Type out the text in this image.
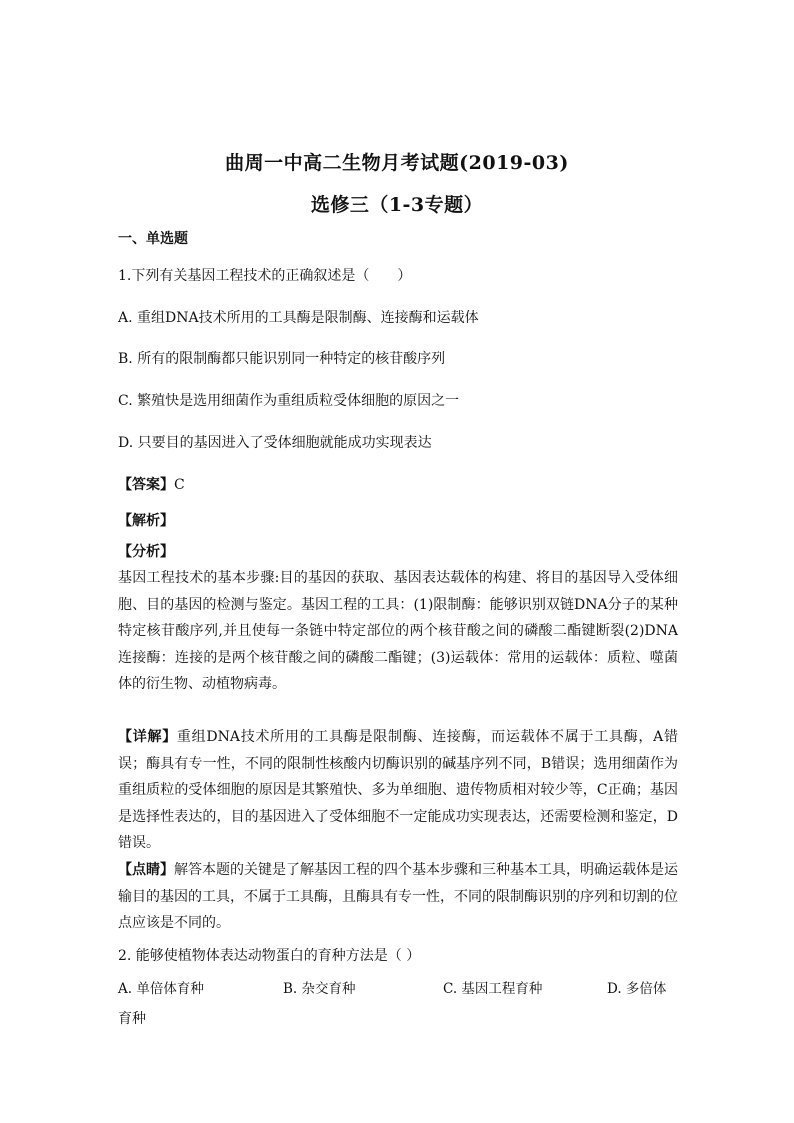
曲周一中高二生物月考试题(2019-03)
选修三（1-3专题）
一、单选题
1.下列有关基因工程技术的正确叙述是（　　）
A. 重组DNA技术所用的工具酶是限制酶、连接酶和运载体
B. 所有的限制酶都只能识别同一种特定的核苷酸序列
C. 繁殖快是选用细菌作为重组质粒受体细胞的原因之一
D. 只要目的基因进入了受体细胞就能成功实现表达
【答案】C
【解析】
【分析】
基因工程技术的基本步骤:目的基因的获取、基因表达载体的构建、将目的基因导入受体细胞、目的基因的检测与鉴定。基因工程的工具：(1)限制酶：能够识别双链DNA分子的某种特定核苷酸序列,并且使每一条链中特定部位的两个核苷酸之间的磷酸二酯键断裂(2)DNA连接酶：连接的是两个核苷酸之间的磷酸二酯键；(3)运载体：常用的运载体：质粒、噬菌体的衍生物、动植物病毒。
【详解】重组DNA技术所用的工具酶是限制酶、连接酶，而运载体不属于工具酶，A错误；酶具有专一性，不同的限制性核酸内切酶识别的碱基序列不同，B错误；选用细菌作为重组质粒的受体细胞的原因是其繁殖快、多为单细胞、遗传物质相对较少等，C正确；基因是选择性表达的，目的基因进入了受体细胞不一定能成功实现表达，还需要检测和鉴定，D错误。
【点睛】解答本题的关键是了解基因工程的四个基本步骤和三种基本工具，明确运载体是运输目的基因的工具，不属于工具酶，且酶具有专一性，不同的限制酶识别的序列和切割的位点应该是不同的。
2. 能够使植物体表达动物蛋白的育种方法是（ ）
A. 单倍体育种	B. 杂交育种	C. 基因工程育种	D. 多倍体
育种
